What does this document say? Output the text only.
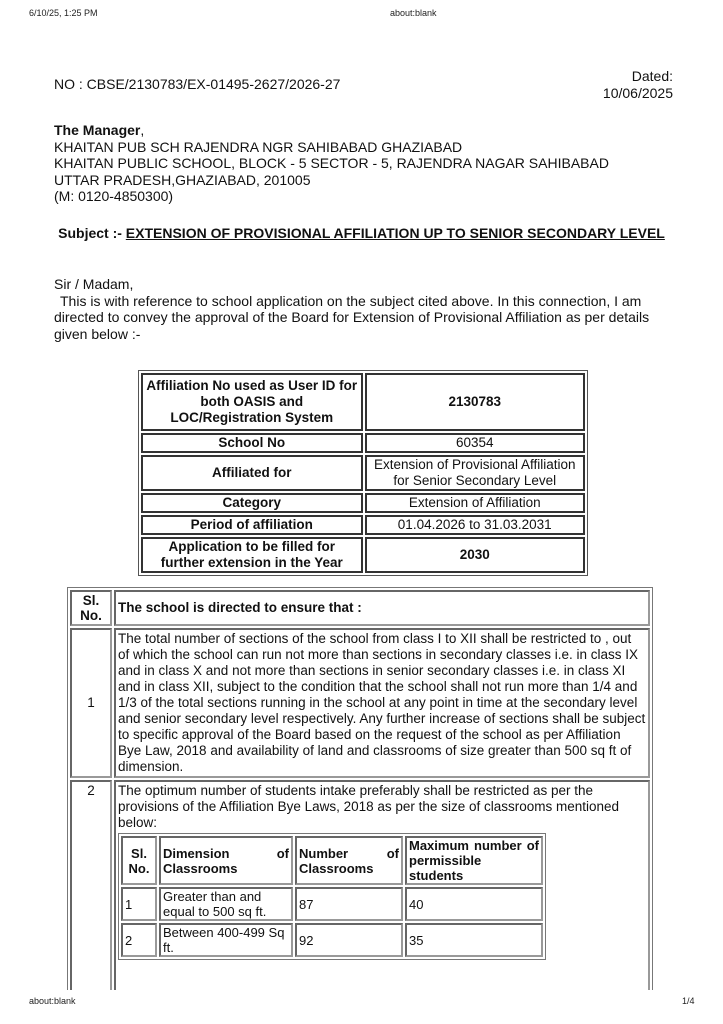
6/10/25, 1:25 PM	about:blank
NO : CBSE/2130783/EX-01495-2627/2026-27	Dated:
10/06/2025
The Manager,
KHAITAN PUB SCH RAJENDRA NGR SAHIBABAD GHAZIABAD
KHAITAN PUBLIC SCHOOL, BLOCK - 5 SECTOR - 5, RAJENDRA NAGAR SAHIBABAD
UTTAR PRADESH,GHAZIABAD, 201005
(M: 0120-4850300)
Subject :- EXTENSION OF PROVISIONAL AFFILIATION UP TO SENIOR SECONDARY LEVEL
Sir / Madam,
This is with reference to school application on the subject cited above. In this connection, I am directed to convey the approval of the Board for Extension of Provisional Affiliation as per details given below :-
Affiliation No used as User ID for both OASIS and LOC/Registration System	2130783
School No	60354
Affiliated for	Extension of Provisional Affiliation for Senior Secondary Level
Category	Extension of Affiliation
Period of affiliation	01.04.2026 to 31.03.2031
Application to be filled for further extension in the Year	2030
Sl. No.	The school is directed to ensure that :
1	The total number of sections of the school from class I to XII shall be restricted to , out of which the school can run not more than sections in secondary classes i.e. in class IX and in class X and not more than sections in senior secondary classes i.e. in class XI and in class XII, subject to the condition that the school shall not run more than 1/4 and 1/3 of the total sections running in the school at any point in time at the secondary level and senior secondary level respectively. Any further increase of sections shall be subject to specific approval of the Board based on the request of the school as per Affiliation Bye Law, 2018 and availability of land and classrooms of size greater than 500 sq ft of dimension.
2	The optimum number of students intake preferably shall be restricted as per the provisions of the Affiliation Bye Laws, 2018 as per the size of classrooms mentioned below:
Sl. No.	Dimension of Classrooms	Number of Classrooms	Maximum number of permissible students
1	Greater than and equal to 500 sq ft.	87	40
2	Between 400-499 Sq ft.	92	35
about:blank	1/4
